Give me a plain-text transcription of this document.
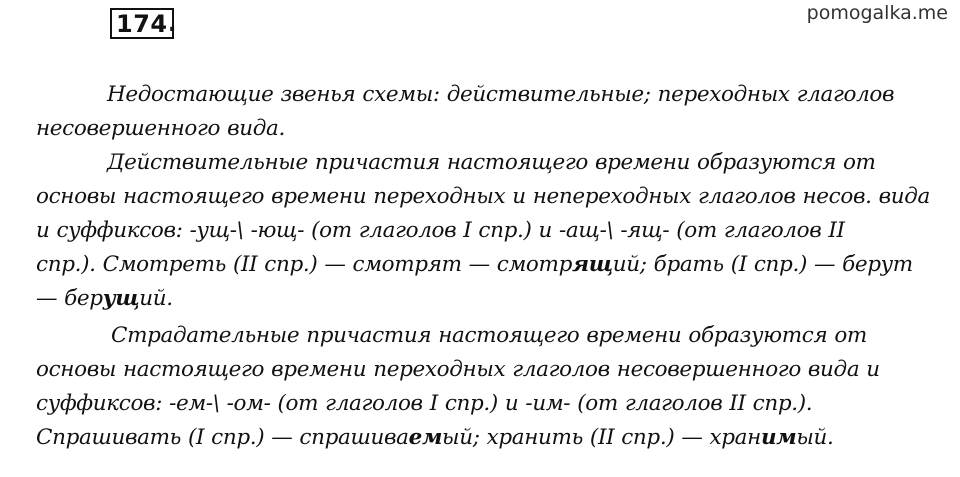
174 .	pomogalka.me
Недостающие звенья схемы: действительные; переходных глаголов
несовершенного вида.
Действительные причастия настоящего времени образуются от
основы настоящего времени переходных и непереходных глаголов несов. вида
и суффиксов: -ущ-\ -ющ- (от глаголов I спр.) и -ащ-\ -ящ- (от глаголов II
спр.). Смотреть (II спр.) — смотрят — смотрящий; брать (I спр.) — берут
— берущий.
Страдательные причастия настоящего времени образуются от
основы настоящего времени переходных глаголов несовершенного вида и
суффиксов: -ем-\ -ом- (от глаголов I спр.) и -им- (от глаголов II спр.).
Спрашивать (I спр.) — спрашиваемый; хранить (II спр.) — хранимый.
